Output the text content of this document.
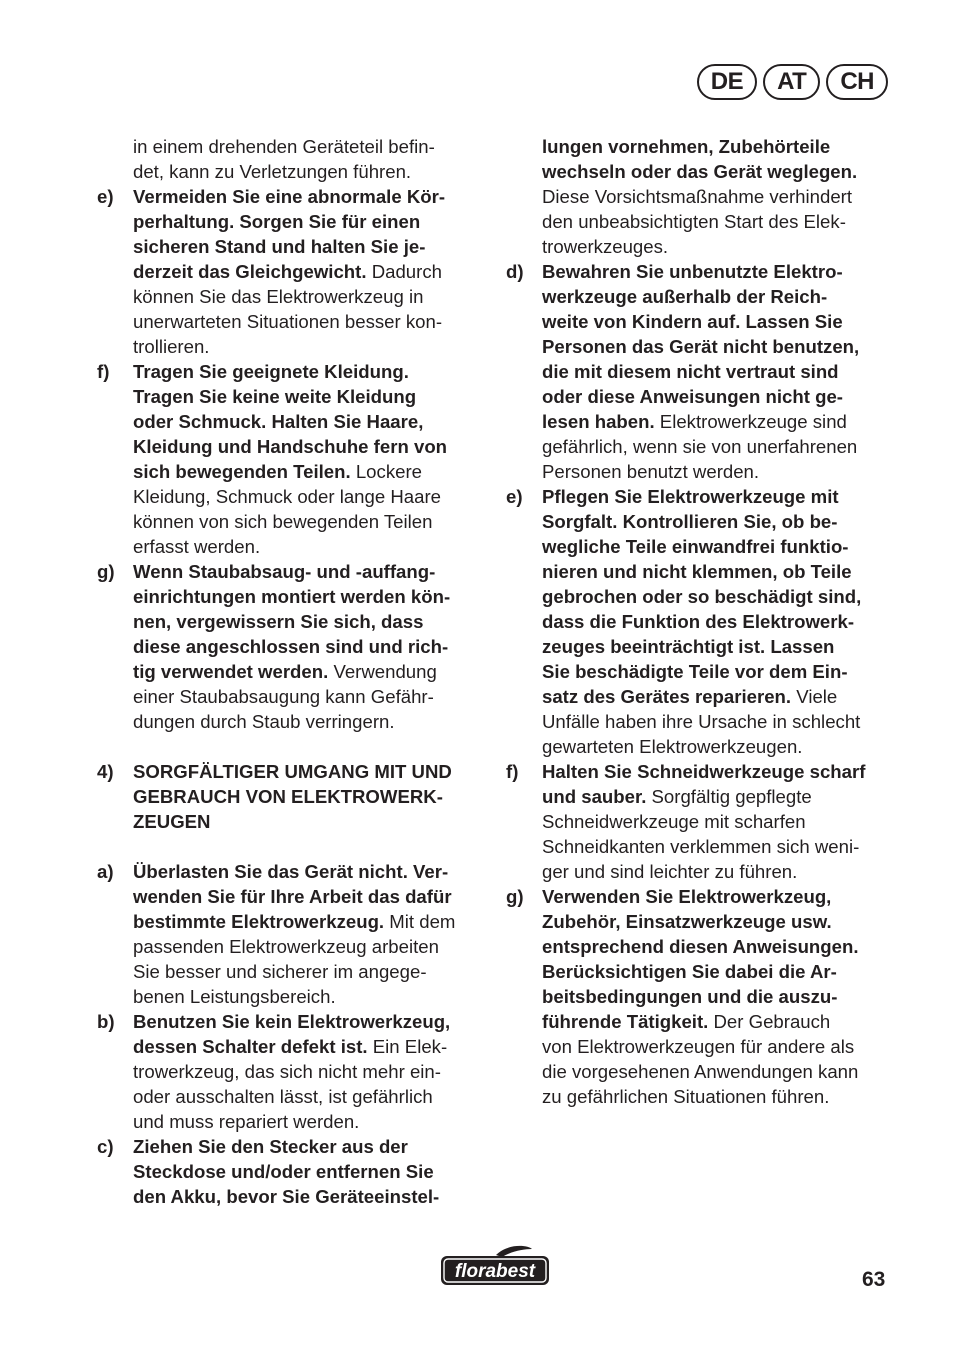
DE	AT	CH
in einem drehenden Geräteteil befin-
det, kann zu Verletzungen führen.
e) Vermeiden Sie eine abnormale Kör-
perhaltung. Sorgen Sie für einen
sicheren Stand und halten Sie je-
derzeit das Gleichgewicht. Dadurch
können Sie das Elektrowerkzeug in
unerwarteten Situationen besser kon-
trollieren.
f) Tragen Sie geeignete Kleidung.
Tragen Sie keine weite Kleidung
oder Schmuck. Halten Sie Haare,
Kleidung und Handschuhe fern von
sich bewegenden Teilen. Lockere
Kleidung, Schmuck oder lange Haare
können von sich bewegenden Teilen
erfasst werden.
g) Wenn Staubabsaug- und -auffang-
einrichtungen montiert werden kön-
nen, vergewissern Sie sich, dass
diese angeschlossen sind und rich-
tig verwendet werden. Verwendung
einer Staubabsaugung kann Gefähr-
dungen durch Staub verringern.
4) SORGFÄLTIGER UMGANG MIT UND
GEBRAUCH VON ELEKTROWERK-
ZEUGEN
a) Überlasten Sie das Gerät nicht. Ver-
wenden Sie für Ihre Arbeit das dafür
bestimmte Elektrowerkzeug. Mit dem
passenden Elektrowerkzeug arbeiten
Sie besser und sicherer im angege-
benen Leistungsbereich.
b) Benutzen Sie kein Elektrowerkzeug,
dessen Schalter defekt ist. Ein Elek-
trowerkzeug, das sich nicht mehr ein-
oder ausschalten lässt, ist gefährlich
und muss repariert werden.
c) Ziehen Sie den Stecker aus der
Steckdose und/oder entfernen Sie
den Akku, bevor Sie Geräteeinstel-
lungen vornehmen, Zubehörteile
wechseln oder das Gerät weglegen.
Diese Vorsichtsmaßnahme verhindert
den unbeabsichtigten Start des Elek-
trowerkzeuges.
d) Bewahren Sie unbenutzte Elektro-
werkzeuge außerhalb der Reich-
weite von Kindern auf. Lassen Sie
Personen das Gerät nicht benutzen,
die mit diesem nicht vertraut sind
oder diese Anweisungen nicht ge-
lesen haben. Elektrowerkzeuge sind
gefährlich, wenn sie von unerfahrenen
Personen benutzt werden.
e) Pflegen Sie Elektrowerkzeuge mit
Sorgfalt. Kontrollieren Sie, ob be-
wegliche Teile einwandfrei funktio-
nieren und nicht klemmen, ob Teile
gebrochen oder so beschädigt sind,
dass die Funktion des Elektrowerk-
zeuges beeinträchtigt ist. Lassen
Sie beschädigte Teile vor dem Ein-
satz des Gerätes reparieren. Viele
Unfälle haben ihre Ursache in schlecht
gewarteten Elektrowerkzeugen.
f) Halten Sie Schneidwerkzeuge scharf
und sauber. Sorgfältig gepflegte
Schneidwerkzeuge mit scharfen
Schneidkanten verklemmen sich weni-
ger und sind leichter zu führen.
g) Verwenden Sie Elektrowerkzeug,
Zubehör, Einsatzwerkzeuge usw.
entsprechend diesen Anweisungen.
Berücksichtigen Sie dabei die Ar-
beitsbedingungen und die auszu-
führende Tätigkeit. Der Gebrauch
von Elektrowerkzeugen für andere als
die vorgesehenen Anwendungen kann
zu gefährlichen Situationen führen.
florabest	63
